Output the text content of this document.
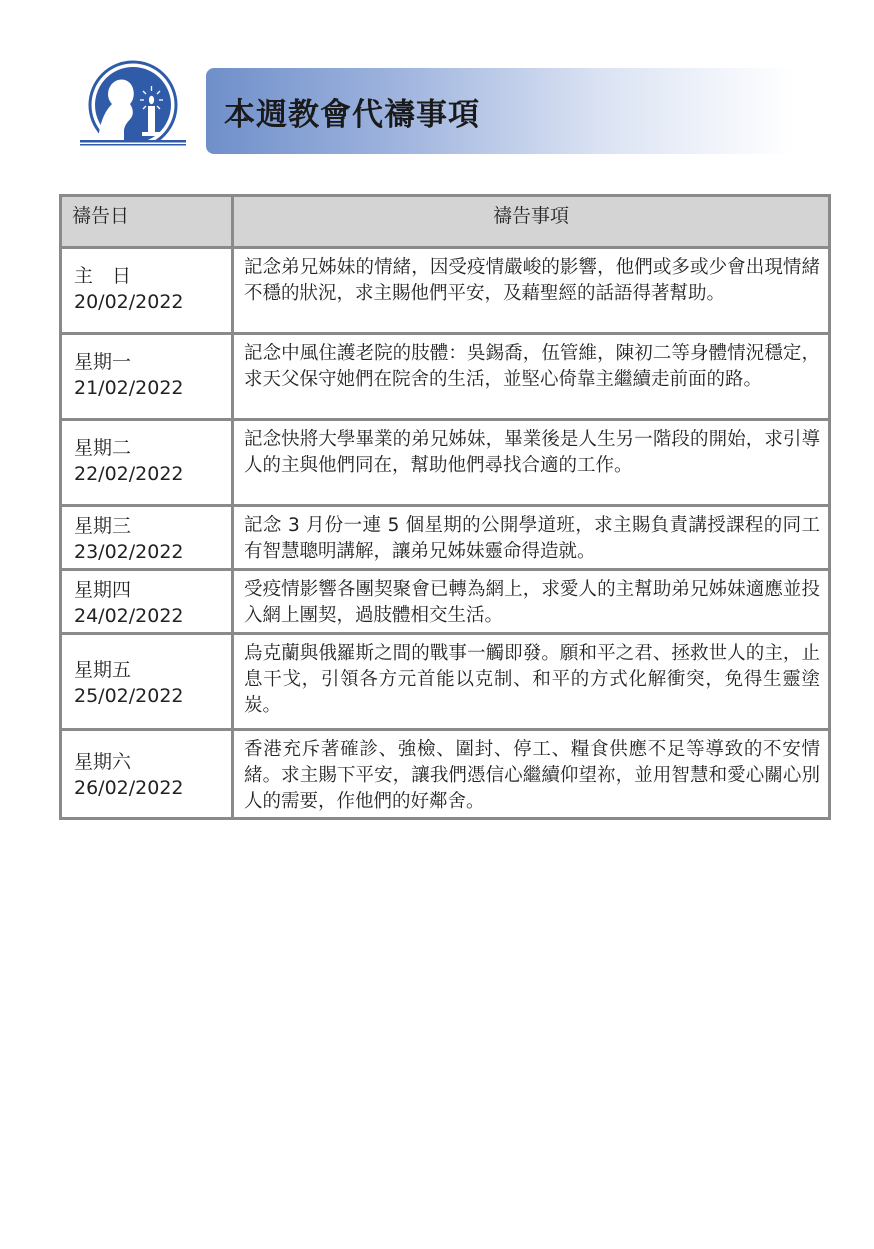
本週教會代禱事項
禱告日	禱告事項

主　日
20/02/2022	記念弟兄姊妹的情緒，因受疫情嚴峻的影響，他們或多或少會出現情緒不穩的狀況，求主賜他們平安，及藉聖經的話語得著幫助。

星期一
21/02/2022	記念中風住護老院的肢體：吳錫喬，伍管維，陳初二等身體情況穩定，求天父保守她們在院舍的生活，並堅心倚靠主繼續走前面的路。

星期二
22/02/2022	記念快將大學畢業的弟兄姊妹，畢業後是人生另一階段的開始，求引導人的主與他們同在，幫助他們尋找合適的工作。

星期三
23/02/2022	記念 3 月份一連 5 個星期的公開學道班，求主賜負責講授課程的同工有智慧聰明講解，讓弟兄姊妹靈命得造就。

星期四
24/02/2022	受疫情影響各團契聚會已轉為網上，求愛人的主幫助弟兄姊妹適應並投入網上團契，過肢體相交生活。

星期五
25/02/2022	烏克蘭與俄羅斯之間的戰事一觸即發。願和平之君、拯救世人的主，止息干戈，引領各方元首能以克制、和平的方式化解衝突，免得生靈塗炭。

星期六
26/02/2022	香港充斥著確診、強檢、圍封、停工、糧食供應不足等導致的不安情緒。求主賜下平安，讓我們憑信心繼續仰望祢，並用智慧和愛心關心別人的需要，作他們的好鄰舍。
